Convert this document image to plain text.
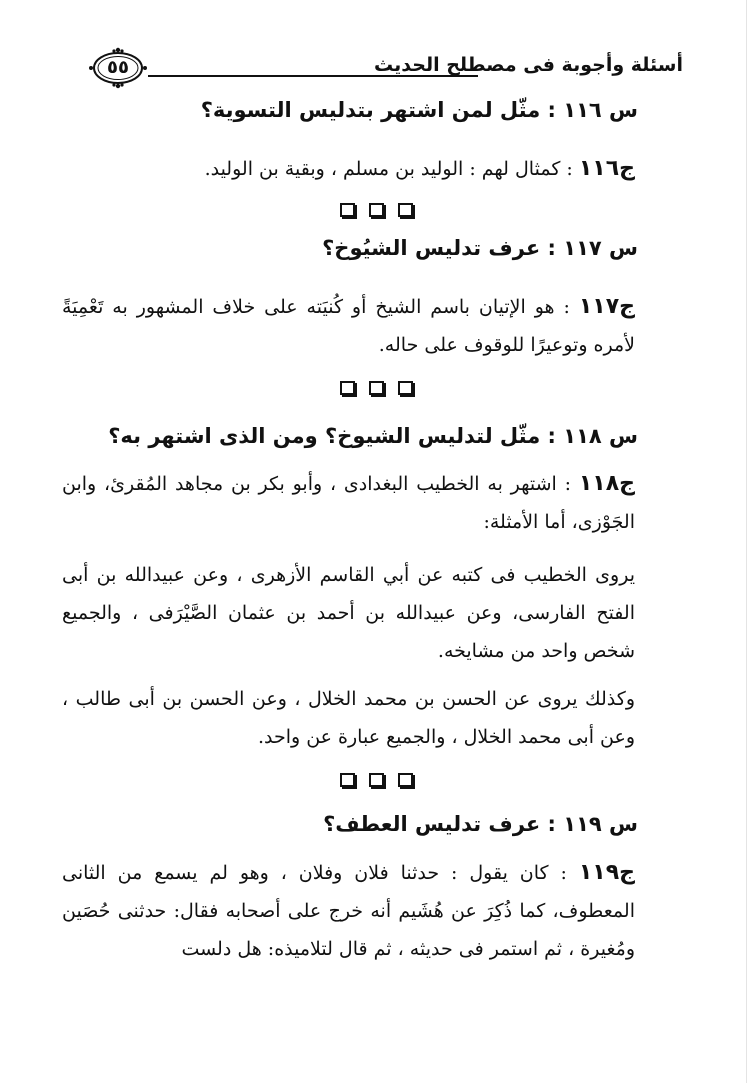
أسئلة وأجوبة فى مصطلح الحديث
٥٥
س ١١٦ : مثّل لمن اشتهر بتدليس التسوية؟
ج١١٦ : كمثال لهم : الوليد بن مسلم ، وبقية بن الوليد.
س ١١٧ : عرف تدليس الشيُوخ؟
ج١١٧ : هو الإتيان باسم الشيخ أو كُنيَته على خلاف المشهور به تَعْمِيَةً لأمره وتوعيرًا للوقوف على حاله.
س ١١٨ : مثّل لتدليس الشيوخ؟ ومن الذى اشتهر به؟
ج١١٨ : اشتهر به الخطيب البغدادى ، وأبو بكر بن مجاهد المُقرئ، وابن الجَوْزى، أما الأمثلة:
يروى الخطيب فى كتبه عن أبي القاسم الأزهرى ، وعن عبيدالله بن أبى الفتح الفارسى، وعن عبيدالله بن أحمد بن عثمان الصَّيْرَفى ، والجميع شخص واحد من مشايخه.
وكذلك يروى عن الحسن بن محمد الخلال ، وعن الحسن بن أبى طالب ، وعن أبى محمد الخلال ، والجميع عبارة عن واحد.
س ١١٩ : عرف تدليس العطف؟
ج١١٩ : كان يقول : حدثنا فلان وفلان ، وهو لم يسمع من الثانى المعطوف، كما ذُكِرَ عن هُشَيم أنه خرج على أصحابه فقال: حدثنى حُصَين ومُغيرة ، ثم استمر فى حديثه ، ثم قال لتلاميذه: هل دلست
